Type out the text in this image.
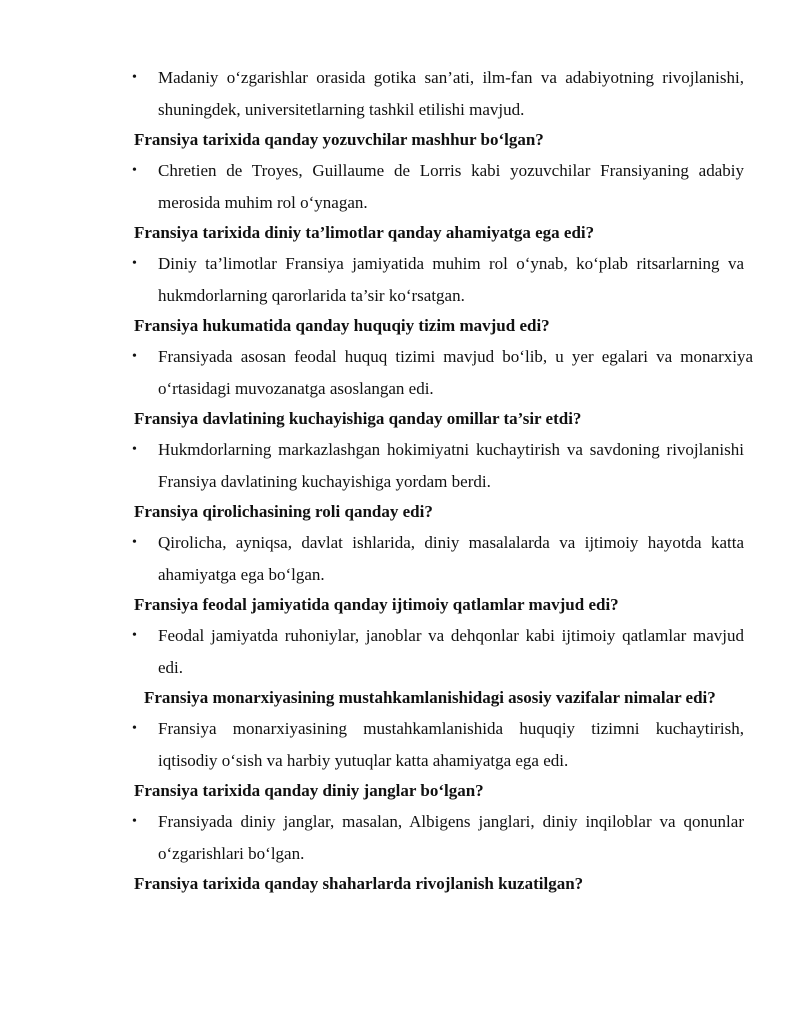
• Madaniy o‘zgarishlar orasida gotika san’ati, ilm-fan va adabiyotning rivojlanishi, shuningdek, universitetlarning tashkil etilishi mavjud.
Fransiya tarixida qanday yozuvchilar mashhur bo‘lgan?
• Chretien de Troyes, Guillaume de Lorris kabi yozuvchilar Fransiyaning adabiy merosida muhim rol o‘ynagan.
Fransiya tarixida diniy ta’limotlar qanday ahamiyatga ega edi?
• Diniy ta’limotlar Fransiya jamiyatida muhim rol o‘ynab, ko‘plab ritsarlarning va hukmdorlarning qarorlarida ta’sir ko‘rsatgan.
Fransiya hukumatida qanday huquqiy tizim mavjud edi?
• Fransiyada asosan feodal huquq tizimi mavjud bo‘lib, u yer egalari va monarxiya o‘rtasidagi muvozanatga asoslangan edi.
Fransiya davlatining kuchayishiga qanday omillar ta’sir etdi?
• Hukmdorlarning markazlashgan hokimiyatni kuchaytirish va savdoning rivojlanishi Fransiya davlatining kuchayishiga yordam berdi.
Fransiya qirolichasining roli qanday edi?
• Qirolicha, ayniqsa, davlat ishlarida, diniy masalalarda va ijtimoiy hayotda katta ahamiyatga ega bo‘lgan.
Fransiya feodal jamiyatida qanday ijtimoiy qatlamlar mavjud edi?
• Feodal jamiyatda ruhoniylar, janoblar va dehqonlar kabi ijtimoiy qatlamlar mavjud edi.
Fransiya monarxiyasining mustahkamlanishidagi asosiy vazifalar nimalar edi?
• Fransiya monarxiyasining mustahkamlanishida huquqiy tizimni kuchaytirish, iqtisodiy o‘sish va harbiy yutuqlar katta ahamiyatga ega edi.
Fransiya tarixida qanday diniy janglar bo‘lgan?
• Fransiyada diniy janglar, masalan, Albigens janglari, diniy inqiloblar va qonunlar o‘zgarishlari bo‘lgan.
Fransiya tarixida qanday shaharlarda rivojlanish kuzatilgan?
